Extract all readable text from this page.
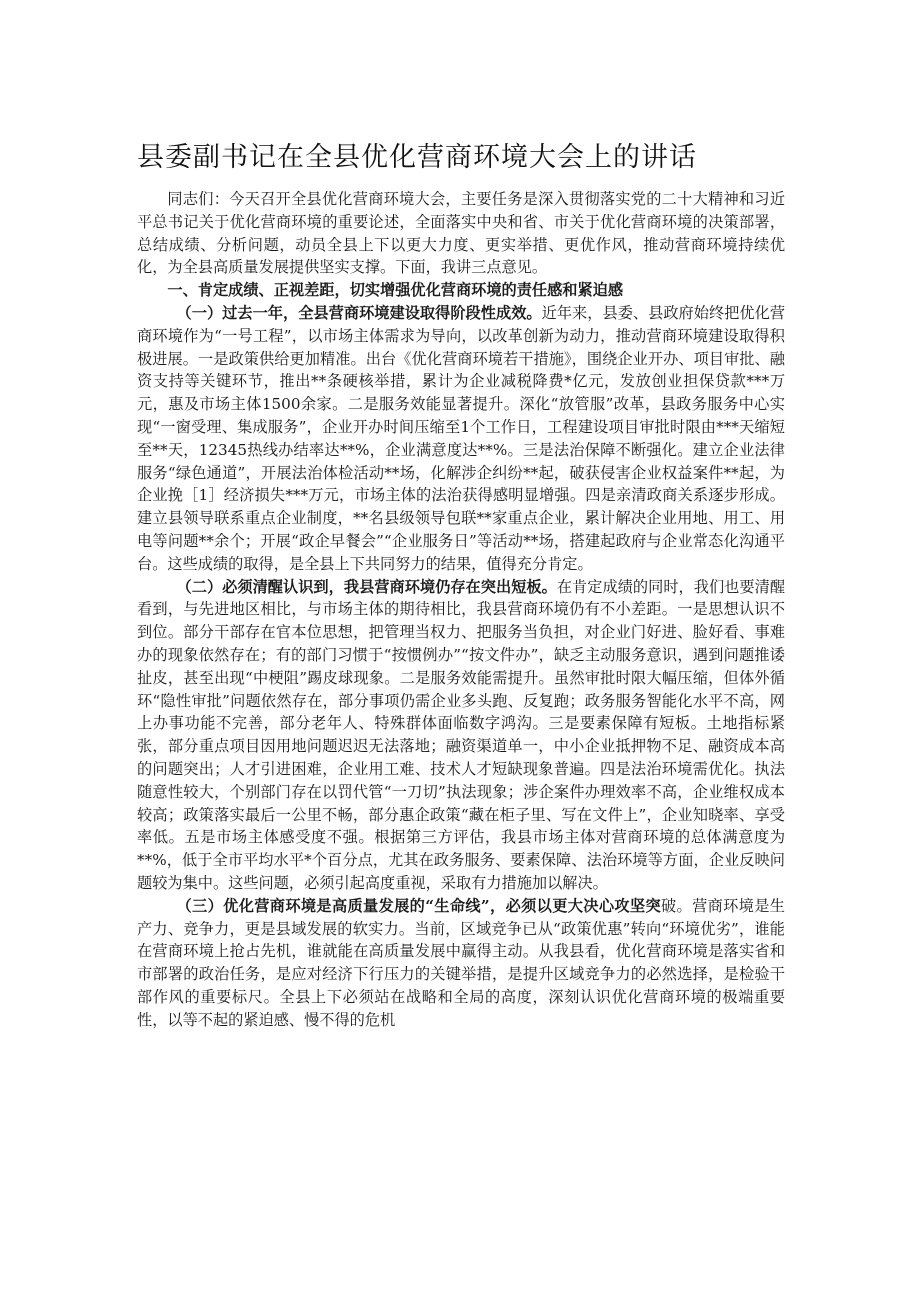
县委副书记在全县优化营商环境大会上的讲话

同志们：今天召开全县优化营商环境大会，主要任务是深入贯彻落实党的二十大精神和习近平总书记关于优化营商环境的重要论述，全面落实中央和省、市关于优化营商环境的决策部署，总结成绩、分析问题，动员全县上下以更大力度、更实举措、更优作风，推动营商环境持续优化，为全县高质量发展提供坚实支撑。下面，我讲三点意见。

一、肯定成绩、正视差距，切实增强优化营商环境的责任感和紧迫感

（一）过去一年，全县营商环境建设取得阶段性成效。近年来，县委、县政府始终把优化营商环境作为“一号工程”，以市场主体需求为导向，以改革创新为动力，推动营商环境建设取得积极进展。一是政策供给更加精准。出台《优化营商环境若干措施》，围绕企业开办、项目审批、融资支持等关键环节，推出**条硬核举措，累计为企业减税降费*亿元，发放创业担保贷款***万元，惠及市场主体1500余家。二是服务效能显著提升。深化“放管服”改革，县政务服务中心实现“一窗受理、集成服务”，企业开办时间压缩至1个工作日，工程建设项目审批时限由***天缩短至**天，12345热线办结率达**%，企业满意度达**%。三是法治保障不断强化。建立企业法律服务“绿色通道”，开展法治体检活动**场，化解涉企纠纷**起，破获侵害企业权益案件**起，为企业挽［1］经济损失***万元，市场主体的法治获得感明显增强。四是亲清政商关系逐步形成。建立县领导联系重点企业制度，**名县级领导包联**家重点企业，累计解决企业用地、用工、用电等问题**余个；开展“政企早餐会”“企业服务日”等活动**场，搭建起政府与企业常态化沟通平台。这些成绩的取得，是全县上下共同努力的结果，值得充分肯定。

（二）必须清醒认识到，我县营商环境仍存在突出短板。在肯定成绩的同时，我们也要清醒看到，与先进地区相比，与市场主体的期待相比，我县营商环境仍有不小差距。一是思想认识不到位。部分干部存在官本位思想，把管理当权力、把服务当负担，对企业门好进、脸好看、事难办的现象依然存在；有的部门习惯于“按惯例办”“按文件办”，缺乏主动服务意识，遇到问题推诿扯皮，甚至出现“中梗阻”踢皮球现象。二是服务效能需提升。虽然审批时限大幅压缩，但体外循环“隐性审批”问题依然存在，部分事项仍需企业多头跑、反复跑；政务服务智能化水平不高，网上办事功能不完善，部分老年人、特殊群体面临数字鸿沟。三是要素保障有短板。土地指标紧张，部分重点项目因用地问题迟迟无法落地；融资渠道单一，中小企业抵押物不足、融资成本高的问题突出；人才引进困难，企业用工难、技术人才短缺现象普遍。四是法治环境需优化。执法随意性较大，个别部门存在以罚代管“一刀切”执法现象；涉企案件办理效率不高，企业维权成本较高；政策落实最后一公里不畅，部分惠企政策“藏在柜子里、写在文件上”，企业知晓率、享受率低。五是市场主体感受度不强。根据第三方评估，我县市场主体对营商环境的总体满意度为**%，低于全市平均水平*个百分点，尤其在政务服务、要素保障、法治环境等方面，企业反映问题较为集中。这些问题，必须引起高度重视，采取有力措施加以解决。

（三）优化营商环境是高质量发展的“生命线”，必须以更大决心攻坚突破。营商环境是生产力、竞争力，更是县域发展的软实力。当前，区域竞争已从“政策优惠”转向“环境优劣”，谁能在营商环境上抢占先机，谁就能在高质量发展中赢得主动。从我县看，优化营商环境是落实省和市部署的政治任务，是应对经济下行压力的关键举措，是提升区域竞争力的必然选择，是检验干部作风的重要标尺。全县上下必须站在战略和全局的高度，深刻认识优化营商环境的极端重要性，以等不起的紧迫感、慢不得的危机
